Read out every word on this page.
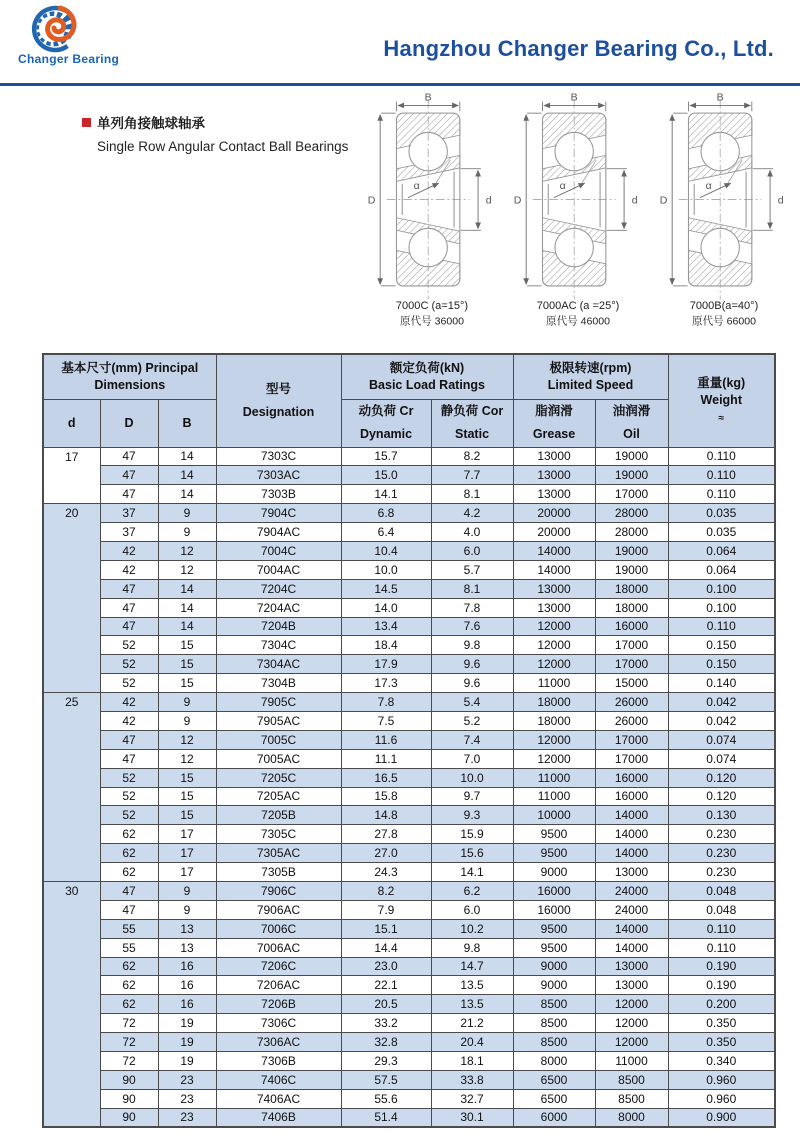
Changer Bearing	Hangzhou Changer Bearing Co., Ltd.
单列角接触球轴承
Single Row Angular Contact Ball Bearings
B
D	d
α
7000C (a=15°)
原代号 36000
B
D	d
α
7000AC (a =25°)
原代号 46000
B
D	d
α
7000B(a=40°)
原代号 66000
基本尺寸(mm) Principal Dimensions			型号
Designation	额定负荷(kN)
Basic Load Ratings		极限转速(rpm)
Limited Speed		重量(kg)
Weight
≈
d	D	B		动负荷 Cr
Dynamic	静负荷 Cor
Static	脂润滑
Grease	油润滑
Oil	

17	47	14	7303C	15.7	8.2	13000	19000	0.110
	47	14	7303AC	15.0	7.7	13000	19000	0.110
	47	14	7303B	14.1	8.1	13000	17000	0.110
20	37	9	7904C	6.8	4.2	20000	28000	0.035
	37	9	7904AC	6.4	4.0	20000	28000	0.035
	42	12	7004C	10.4	6.0	14000	19000	0.064
	42	12	7004AC	10.0	5.7	14000	19000	0.064
	47	14	7204C	14.5	8.1	13000	18000	0.100
	47	14	7204AC	14.0	7.8	13000	18000	0.100
	47	14	7204B	13.4	7.6	12000	16000	0.110
	52	15	7304C	18.4	9.8	12000	17000	0.150
	52	15	7304AC	17.9	9.6	12000	17000	0.150
	52	15	7304B	17.3	9.6	11000	15000	0.140
25	42	9	7905C	7.8	5.4	18000	26000	0.042
	42	9	7905AC	7.5	5.2	18000	26000	0.042
	47	12	7005C	11.6	7.4	12000	17000	0.074
	47	12	7005AC	11.1	7.0	12000	17000	0.074
	52	15	7205C	16.5	10.0	11000	16000	0.120
	52	15	7205AC	15.8	9.7	11000	16000	0.120
	52	15	7205B	14.8	9.3	10000	14000	0.130
	62	17	7305C	27.8	15.9	9500	14000	0.230
	62	17	7305AC	27.0	15.6	9500	14000	0.230
	62	17	7305B	24.3	14.1	9000	13000	0.230
30	47	9	7906C	8.2	6.2	16000	24000	0.048
	47	9	7906AC	7.9	6.0	16000	24000	0.048
	55	13	7006C	15.1	10.2	9500	14000	0.110
	55	13	7006AC	14.4	9.8	9500	14000	0.110
	62	16	7206C	23.0	14.7	9000	13000	0.190
	62	16	7206AC	22.1	13.5	9000	13000	0.190
	62	16	7206B	20.5	13.5	8500	12000	0.200
	72	19	7306C	33.2	21.2	8500	12000	0.350
	72	19	7306AC	32.8	20.4	8500	12000	0.350
	72	19	7306B	29.3	18.1	8000	11000	0.340
	90	23	7406C	57.5	33.8	6500	8500	0.960
	90	23	7406AC	55.6	32.7	6500	8500	0.960
	90	23	7406B	51.4	30.1	6000	8000	0.900
